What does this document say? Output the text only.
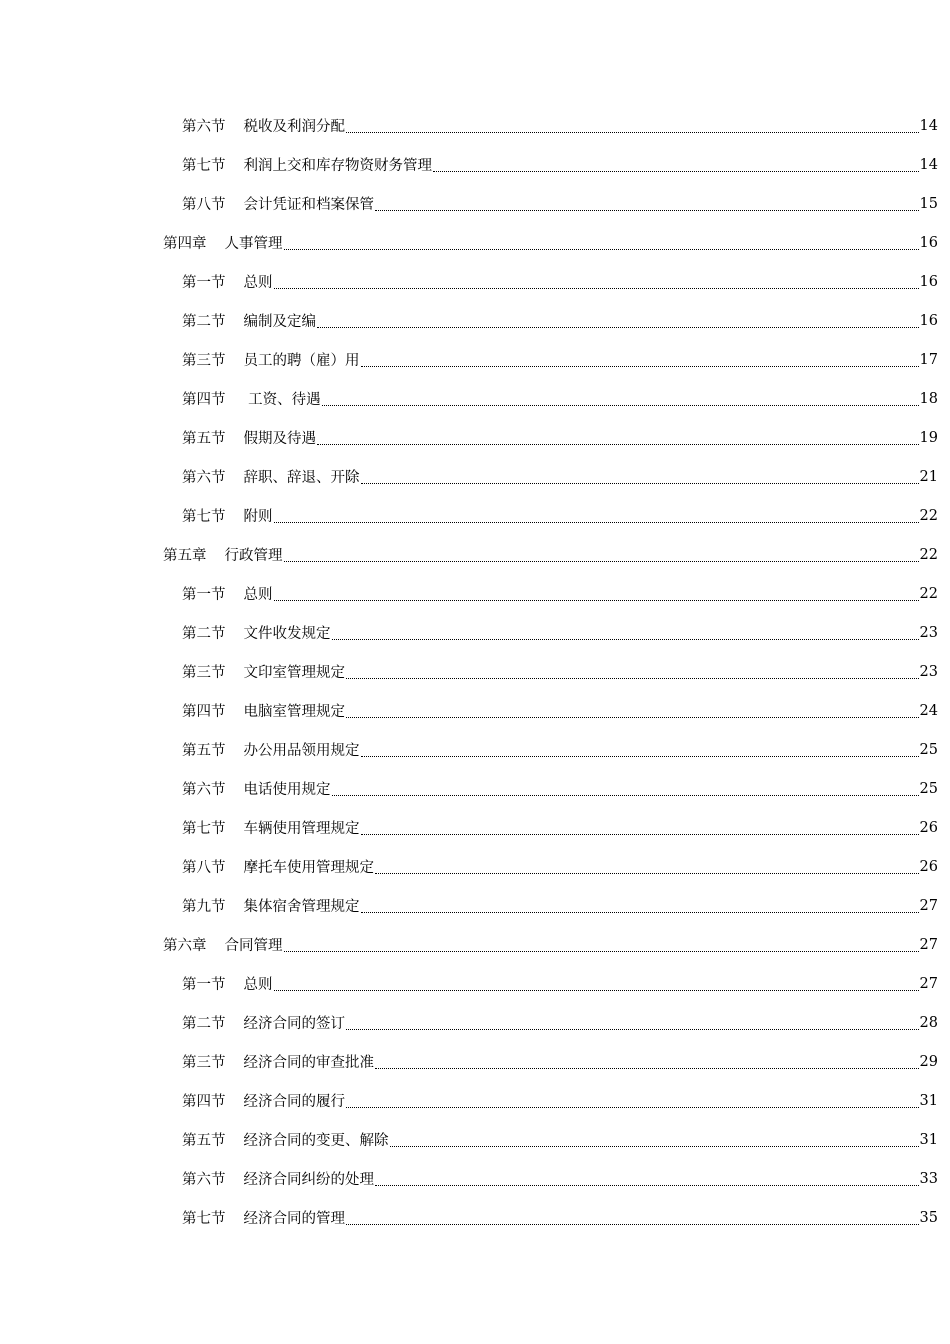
第六节 税收及利润分配	14
第七节 利润上交和库存物资财务管理	14
第八节 会计凭证和档案保管	15
第四章 人事管理	16
第一节 总则	16
第二节 编制及定编	16
第三节 员工的聘（雇）用	17
第四节 工资、待遇	18
第五节 假期及待遇	19
第六节 辞职、辞退、开除	21
第七节 附则	22
第五章 行政管理	22
第一节 总则	22
第二节 文件收发规定	23
第三节 文印室管理规定	23
第四节 电脑室管理规定	24
第五节 办公用品领用规定	25
第六节 电话使用规定	25
第七节 车辆使用管理规定	26
第八节 摩托车使用管理规定	26
第九节 集体宿舍管理规定	27
第六章 合同管理	27
第一节 总则	27
第二节 经济合同的签订	28
第三节 经济合同的审查批准	29
第四节 经济合同的履行	31
第五节 经济合同的变更、解除	31
第六节 经济合同纠纷的处理	33
第七节 经济合同的管理	35
